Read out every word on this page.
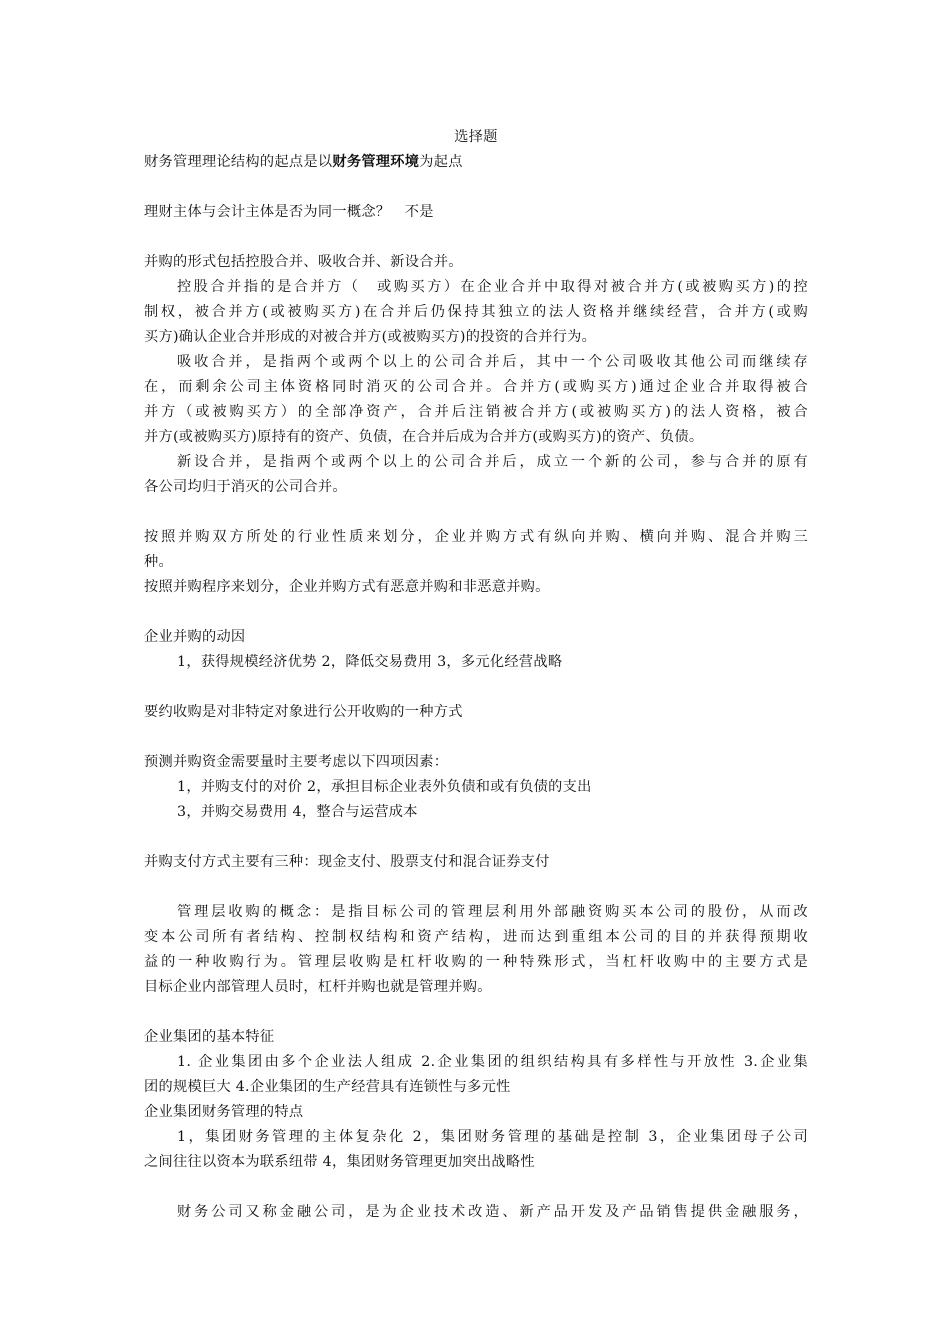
选择题
财务管理理论结构的起点是以财务管理环境为起点
理财主体与会计主体是否为同一概念？　不是
并购的形式包括控股合并、吸收合并、新设合并。
控股合并指的是合并方（　或购买方）在企业合并中取得对被合并方(或被购买方)的控
制权，被合并方(或被购买方)在合并后仍保持其独立的法人资格并继续经营，合并方(或购
买方)确认企业合并形成的对被合并方(或被购买方)的投资的合并行为。
吸收合并，是指两个或两个以上的公司合并后，其中一个公司吸收其他公司而继续存
在，而剩余公司主体资格同时消灭的公司合并。合并方(或购买方)通过企业合并取得被合
并方（或被购买方）的全部净资产，合并后注销被合并方(或被购买方)的法人资格，被合
并方(或被购买方)原持有的资产、负债，在合并后成为合并方(或购买方)的资产、负债。
新设合并，是指两个或两个以上的公司合并后，成立一个新的公司，参与合并的原有
各公司均归于消灭的公司合并。
按照并购双方所处的行业性质来划分，企业并购方式有纵向并购、横向并购、混合并购三
种。
按照并购程序来划分，企业并购方式有恶意并购和非恶意并购。
企业并购的动因
1，获得规模经济优势 2，降低交易费用 3，多元化经营战略
要约收购是对非特定对象进行公开收购的一种方式
预测并购资金需要量时主要考虑以下四项因素：
1，并购支付的对价 2，承担目标企业表外负债和或有负债的支出
3，并购交易费用 4，整合与运营成本
并购支付方式主要有三种：现金支付、股票支付和混合证券支付
管理层收购的概念：是指目标公司的管理层利用外部融资购买本公司的股份，从而改
变本公司所有者结构、控制权结构和资产结构，进而达到重组本公司的目的并获得预期收
益的一种收购行为。管理层收购是杠杆收购的一种特殊形式，当杠杆收购中的主要方式是
目标企业内部管理人员时，杠杆并购也就是管理并购。
企业集团的基本特征
1. 企业集团由多个企业法人组成 2.企业集团的组织结构具有多样性与开放性 3.企业集
团的规模巨大 4.企业集团的生产经营具有连锁性与多元性
企业集团财务管理的特点
1，集团财务管理的主体复杂化 2，集团财务管理的基础是控制 3，企业集团母子公司
之间往往以资本为联系纽带 4，集团财务管理更加突出战略性
财务公司又称金融公司，是为企业技术改造、新产品开发及产品销售提供金融服务，
